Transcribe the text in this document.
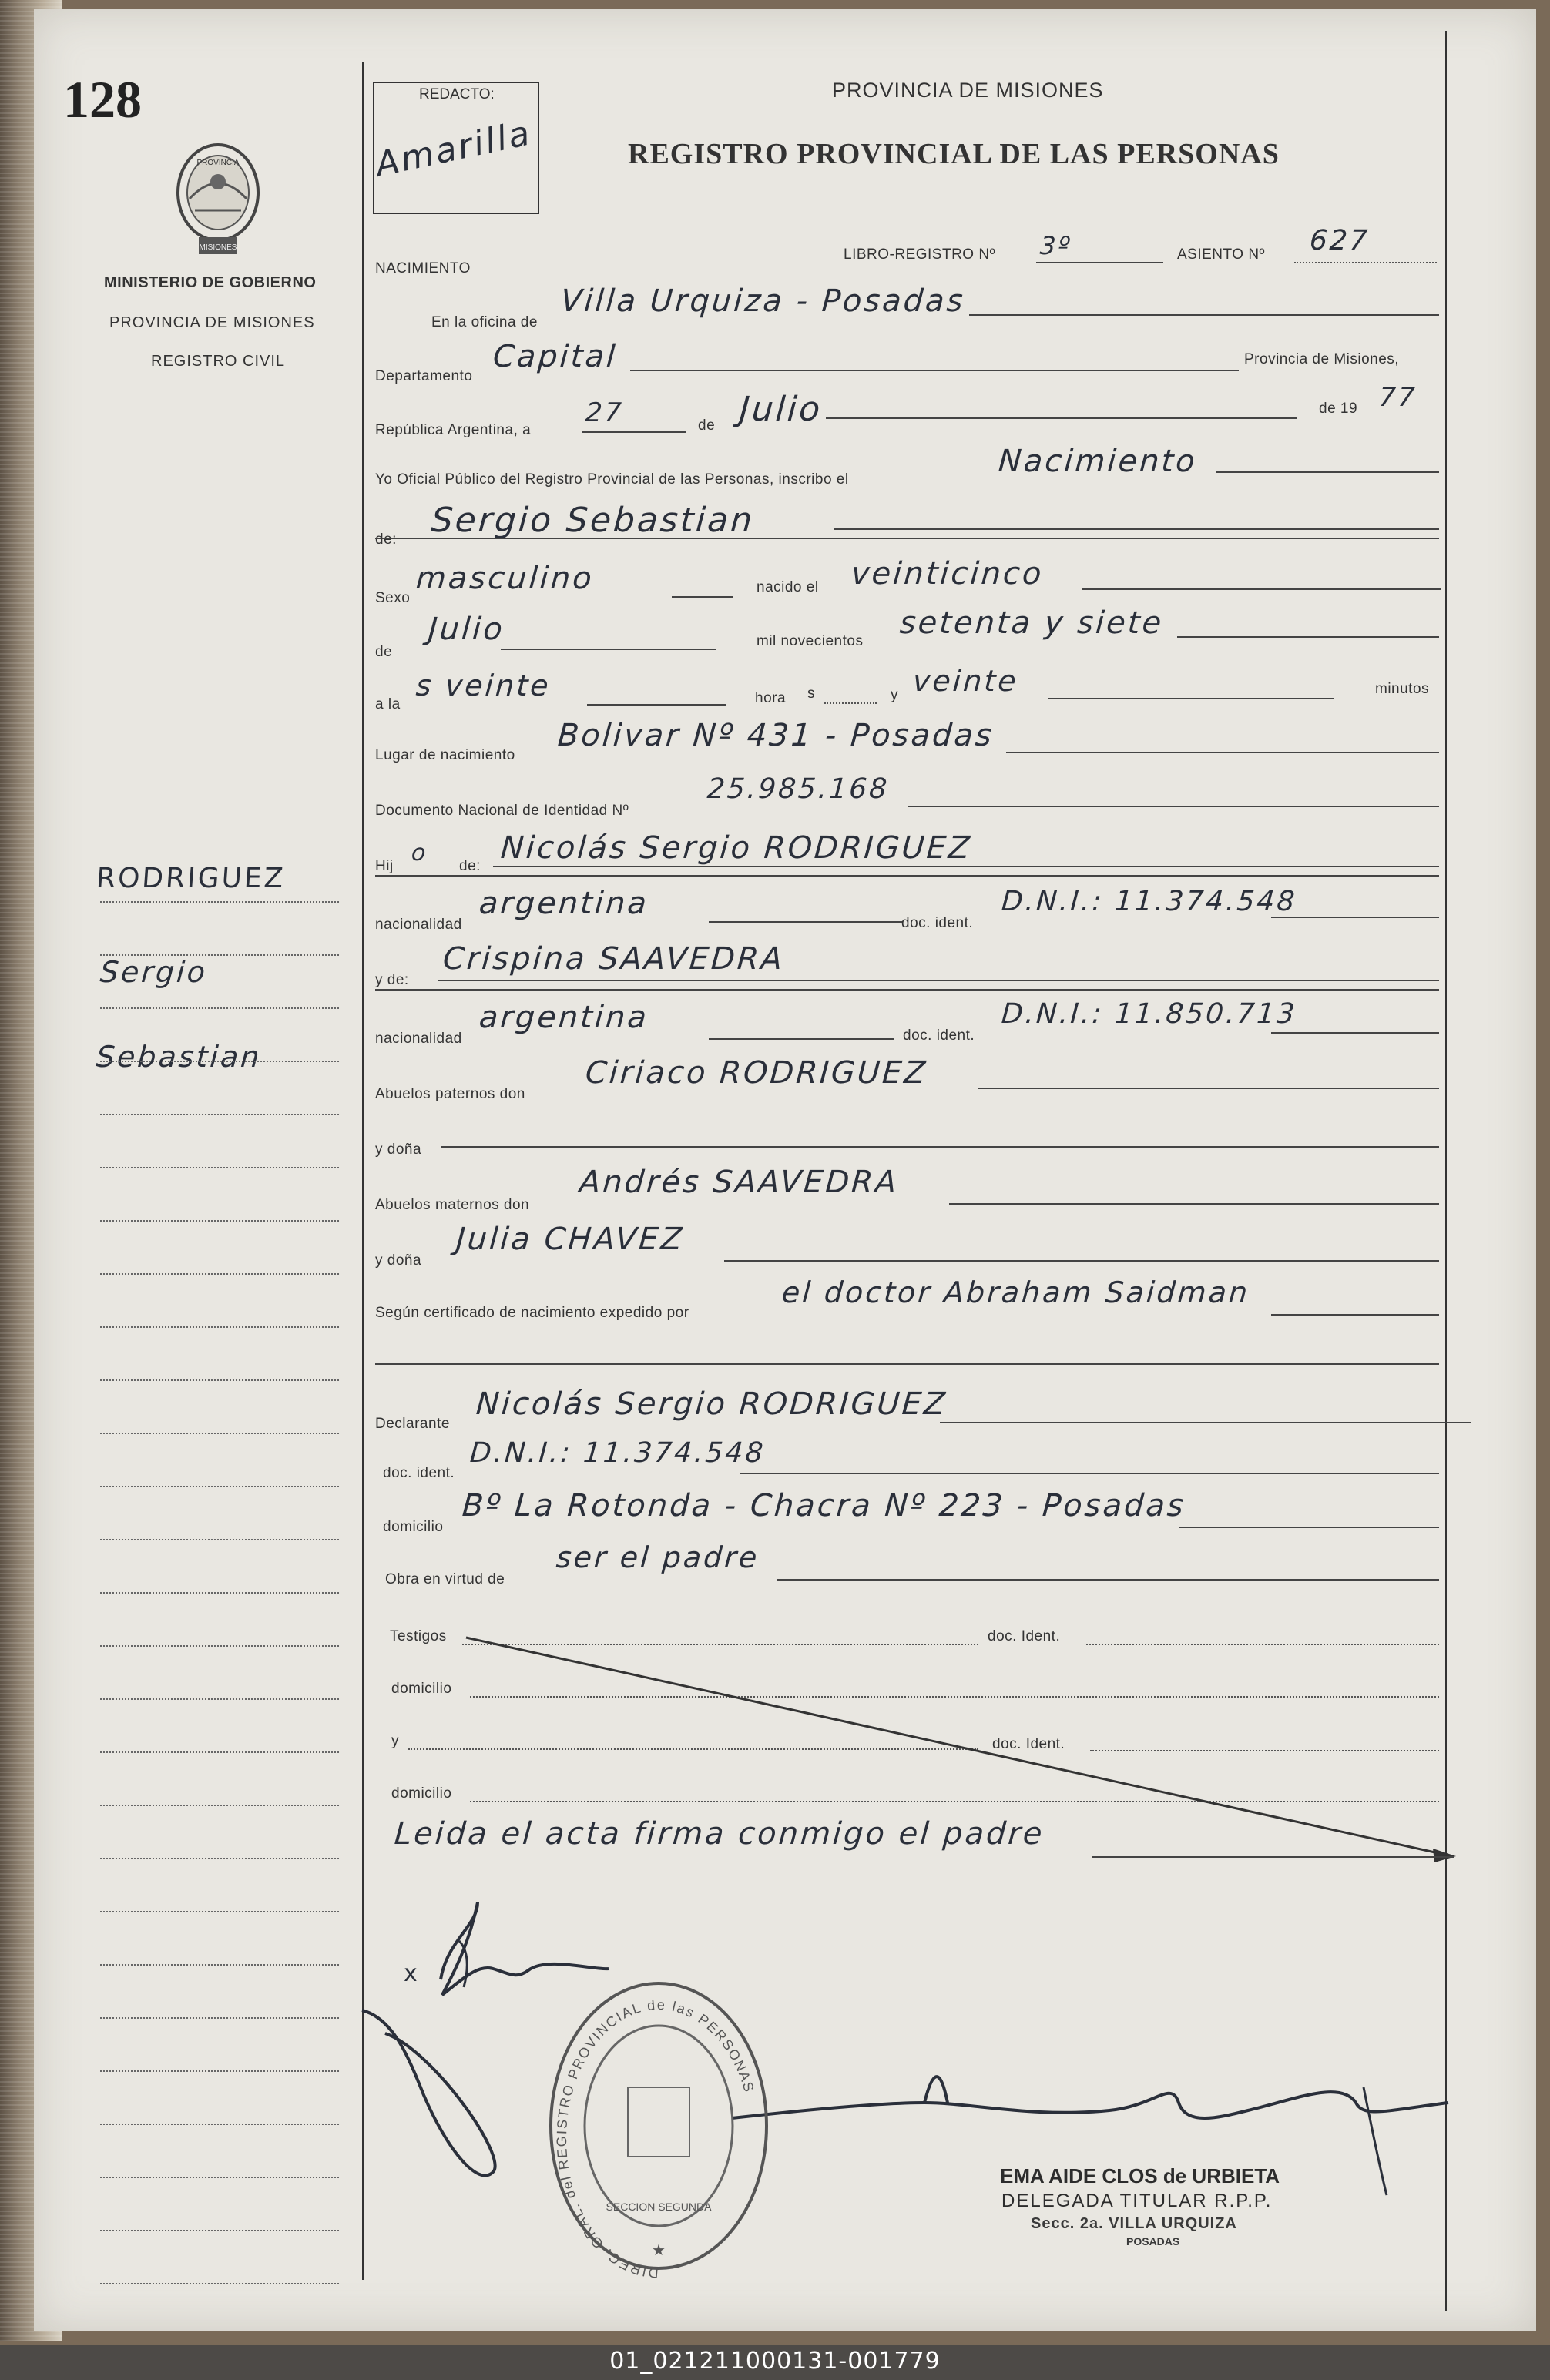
128
PROVINCIA
MISIONES
MINISTERIO DE GOBIERNO
PROVINCIA DE MISIONES
REGISTRO CIVIL
REDACTO:
Amarilla
PROVINCIA DE MISIONES
REGISTRO PROVINCIAL DE LAS PERSONAS
NACIMIENTO
LIBRO-REGISTRO Nº 3º	ASIENTO Nº 627
En la oficina de
Villa Urquiza - Posadas
Departamento
Capital	Provincia de Misiones,
República Argentina, a
27	de Julio	de 19 77
Yo Oficial Público del Registro Provincial de las Personas, inscribo el
Nacimiento
de: Sergio Sebastian
Sexo
masculino	nacido el veinticinco
de
Julio	mil novecientos
setenta y siete
a la
s veinte	hora s	y veinte	minutos
Lugar de nacimiento
Bolivar Nº 431 - Posadas
Documento Nacional de Identidad Nº
25.985.168
Hij o de:
Nicolás Sergio RODRIGUEZ
nacionalidad
argentina
doc. ident.
D.N.I.: 11.374.548
y de:
Crispina SAAVEDRA
nacionalidad
argentina
doc. ident.
D.N.I.: 11.850.713
Abuelos paternos don
Ciriaco RODRIGUEZ
y doña
Abuelos maternos don
Andrés SAAVEDRA
y doña
Julia CHAVEZ
Según certificado de nacimiento expedido por
el doctor Abraham Saidman
Declarante
Nicolás Sergio RODRIGUEZ
doc. ident.
D.N.I.: 11.374.548
domicilio
Bº La Rotonda - Chacra Nº 223 - Posadas
Obra en virtud de
ser el padre
Testigos	doc. Ident.
domicilio
y	doc. Ident.
domicilio
Leida el acta firma conmigo el padre
x
DIREC. GRAL. del REGISTRO PROVINCIAL de las PERSONAS
SECCION SEGUNDA
★
EMA AIDE CLOS de URBIETA
DELEGADA TITULAR R.P.P.
Secc. 2a. VILLA URQUIZA
POSADAS
RODRIGUEZ
Sergio
Sebastian
01_021211000131-001779
